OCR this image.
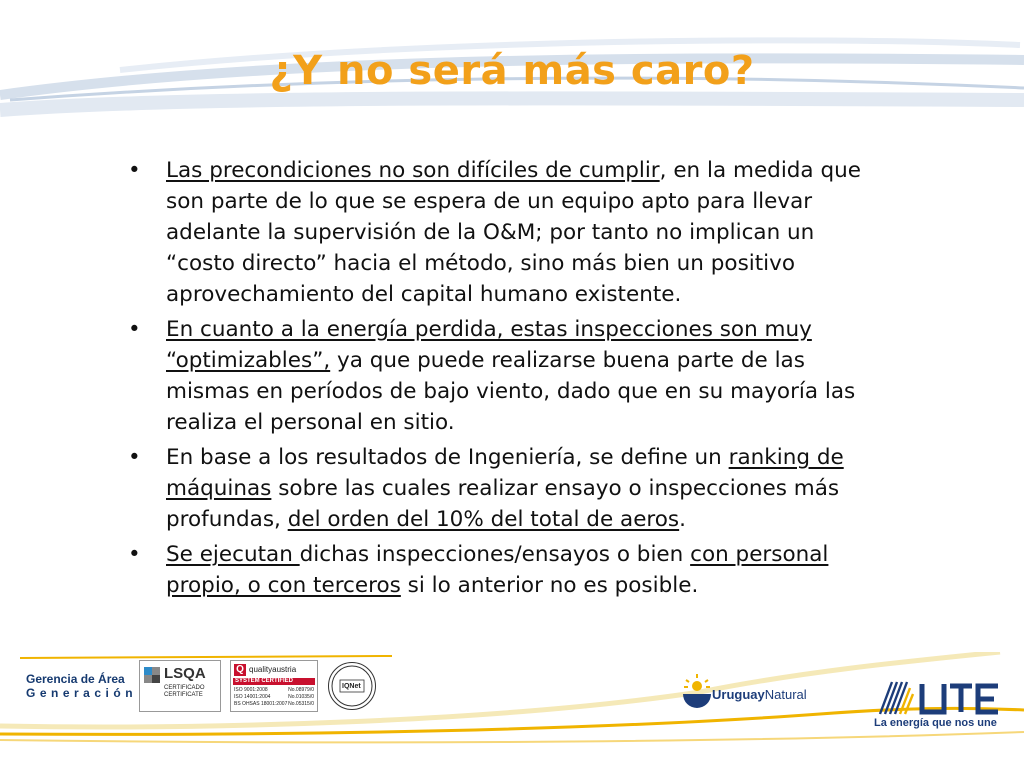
¿Y no será más caro?
• Las precondiciones no son difíciles de cumplir, en la medida que son parte de lo que se espera de un equipo apto para llevar adelante la supervisión de la O&M; por tanto no implican un “costo directo” hacia el método, sino más bien un positivo aprovechamiento del capital humano existente.
• En cuanto a la energía perdida, estas inspecciones son muy “optimizables”, ya que puede realizarse buena parte de las mismas en períodos de bajo viento, dado que en su mayoría las realiza el personal en sitio.
• En base a los resultados de Ingeniería, se define un ranking de máquinas sobre las cuales realizar ensayo o inspecciones más profundas, del orden del 10% del total de aeros.
• Se ejecutan dichas inspecciones/ensayos o bien con personal propio, o con terceros si lo anterior no es posible.
Gerencia de Área
Generación
LSQA
CERTIFICADO
CERTIFICATE
Q qualityaustria
SYSTEM CERTIFIED
ISO 9001:2008	No.08979/0
ISO 14001:2004	No.01035/0
BS OHSAS 18001:2007 No.05315/0
IQNet
UruguayNatural
La energía que nos une
